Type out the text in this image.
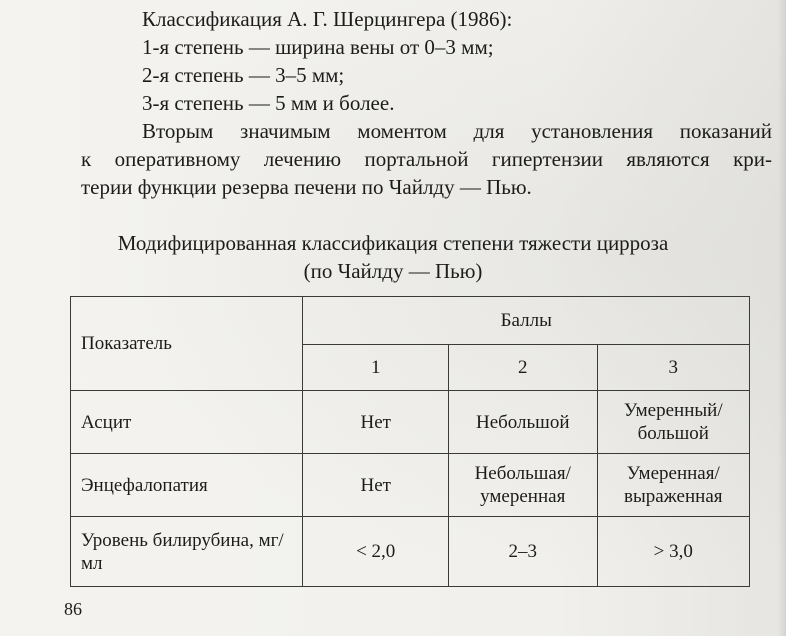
Классификация А. Г. Шерцингера (1986):
1-я степень — ширина вены от 0–3 мм;
2-я степень — 3–5 мм;
3-я степень — 5 мм и более.
Вторым значимым моментом для установления показаний
к оперативному лечению портальной гипертензии являются кри-
терии функции резерва печени по Чайлду — Пью.
Модифицированная классификация степени тяжести цирроза
(по Чайлду — Пью)
Показатель	Баллы		
	1	2	3
Асцит	Нет	Небольшой	Умеренный/ большой

Энцефалопатия	Нет	Небольшая/ умеренная	Умеренная/ выраженная

Уровень билирубина, мг/мл	< 2,0	2–3	> 3,0
86
